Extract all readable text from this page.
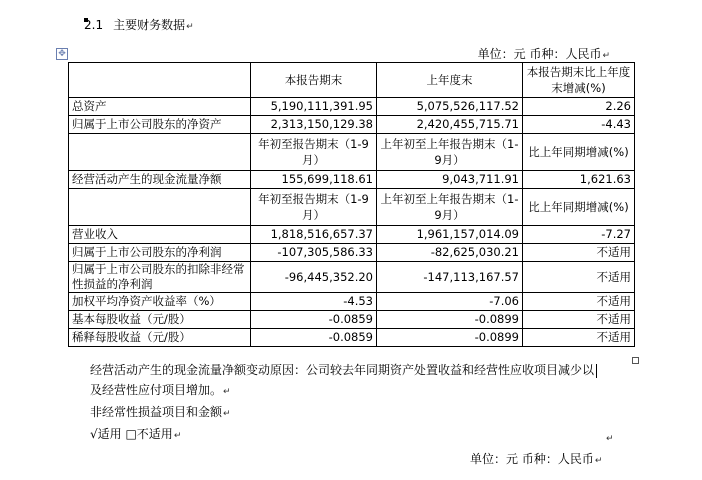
2.1 主要财务数据↵
单位：元 币种：人民币↵
✥
	本报告期末	上年度末	本报告期末比上年度末增减(%)
总资产	5,190,111,391.95	5,075,526,117.52	2.26
归属于上市公司股东的净资产	2,313,150,129.38	2,420,455,715.71	-4.43
	年初至报告期末（1-9月）	上年初至上年报告期末（1-9月）	比上年同期增减(%)
经营活动产生的现金流量净额	155,699,118.61	9,043,711.91	1,621.63
	年初至报告期末（1-9月）	上年初至上年报告期末（1-9月）	比上年同期增减(%)
营业收入	1,818,516,657.37	1,961,157,014.09	-7.27
归属于上市公司股东的净利润	-107,305,586.33	-82,625,030.21	不适用
归属于上市公司股东的扣除非经常性损益的净利润	-96,445,352.20	-147,113,167.57	不适用
加权平均净资产收益率（%）	-4.53	-7.06	不适用
基本每股收益（元/股）	-0.0859	-0.0899	不适用
稀释每股收益（元/股）	-0.0859	-0.0899	不适用

经营活动产生的现金流量净额变动原因：公司较去年同期资产处置收益和经营性应收项目减少以

及经营性应付项目增加。↵

非经常性损益项目和金额↵

√适用 □不适用↵	↵
单位：元 币种：人民币↵
